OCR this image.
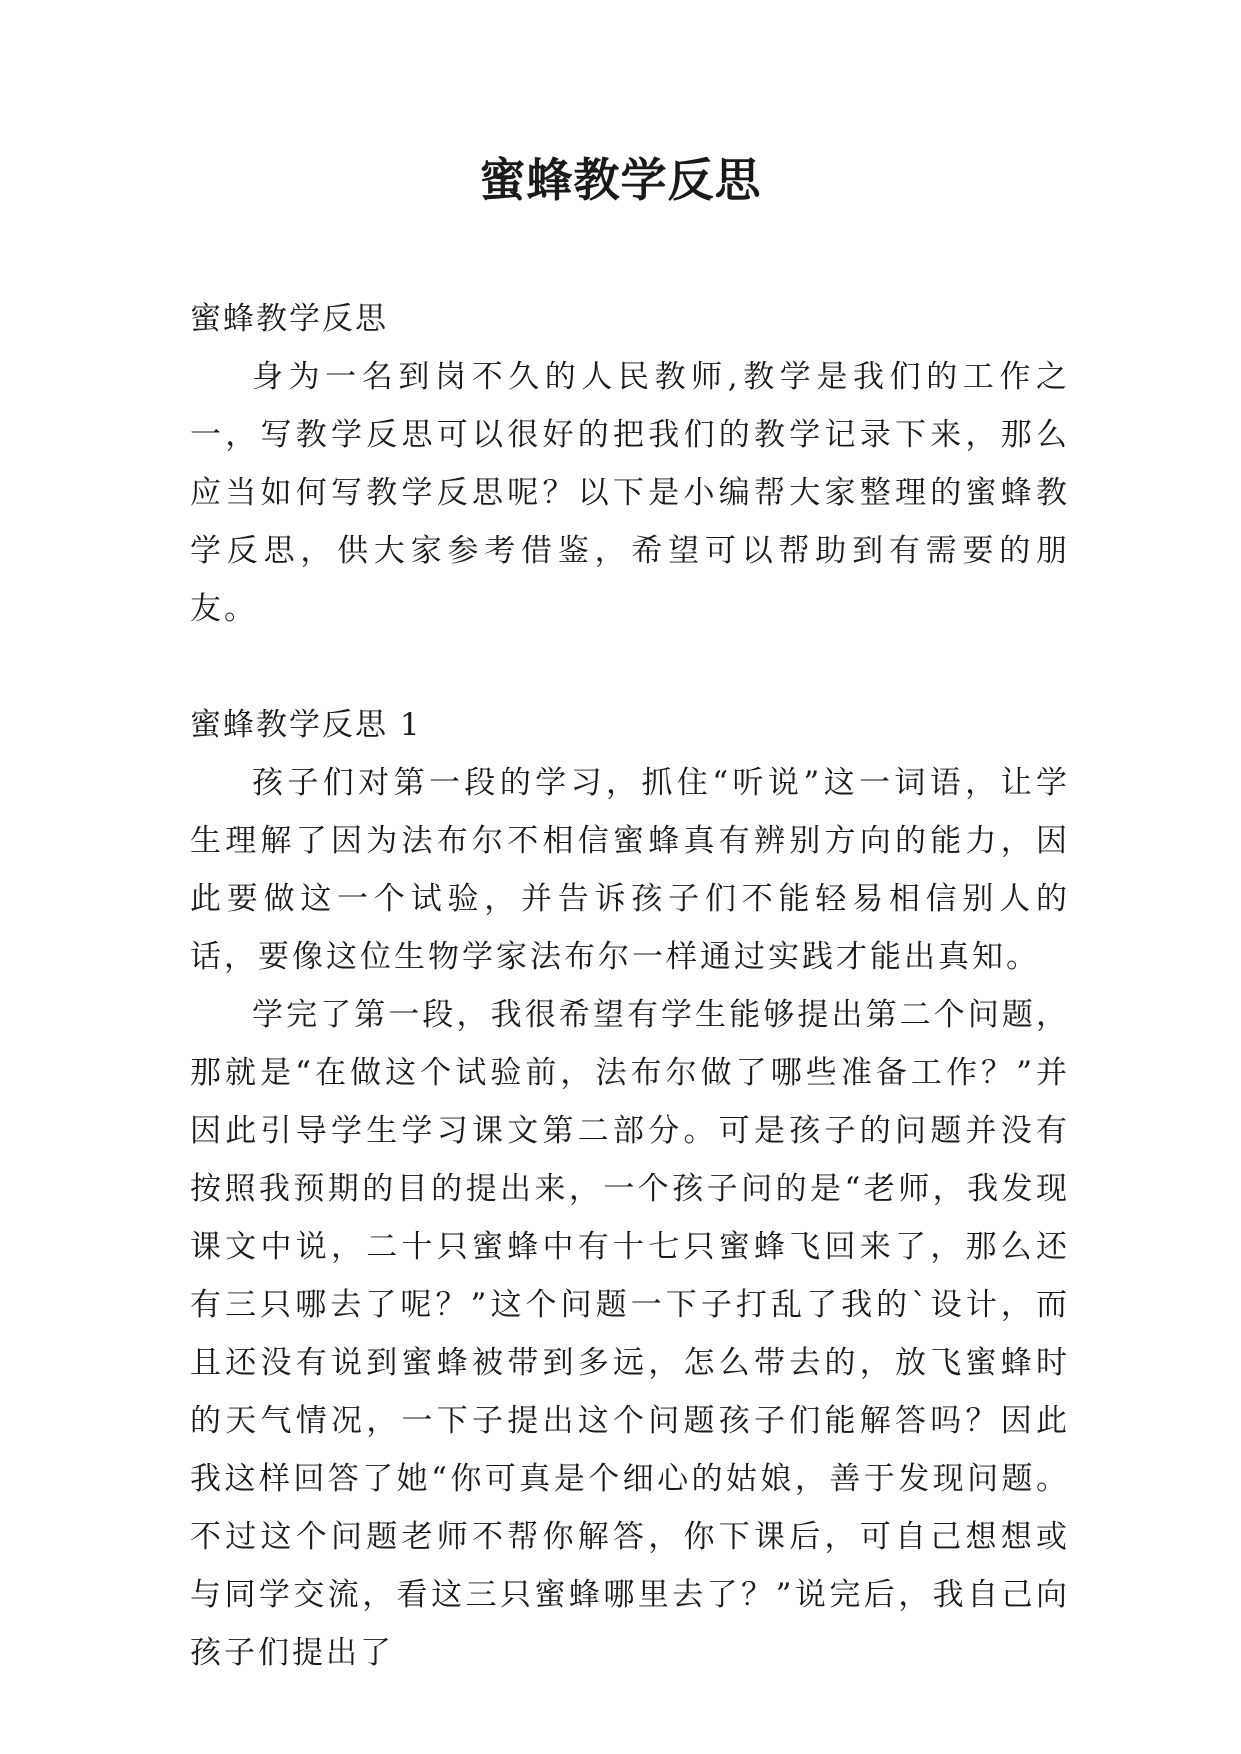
蜜蜂教学反思

蜜蜂教学反思

身为一名到岗不久的人民教师,教学是我们的工作之一，写教学反思可以很好的把我们的教学记录下来，那么应当如何写教学反思呢？以下是小编帮大家整理的蜜蜂教学反思，供大家参考借鉴，希望可以帮助到有需要的朋友。

蜜蜂教学反思 1

孩子们对第一段的学习，抓住“听说”这一词语，让学生理解了因为法布尔不相信蜜蜂真有辨别方向的能力，因此要做这一个试验，并告诉孩子们不能轻易相信别人的话，要像这位生物学家法布尔一样通过实践才能出真知。

学完了第一段，我很希望有学生能够提出第二个问题，那就是“在做这个试验前，法布尔做了哪些准备工作？”并因此引导学生学习课文第二部分。可是孩子的问题并没有按照我预期的目的提出来，一个孩子问的是“老师，我发现课文中说，二十只蜜蜂中有十七只蜜蜂飞回来了，那么还有三只哪去了呢？”这个问题一下子打乱了我的`设计，而且还没有说到蜜蜂被带到多远，怎么带去的，放飞蜜蜂时的天气情况，一下子提出这个问题孩子们能解答吗？因此我这样回答了她“你可真是个细心的姑娘，善于发现问题。不过这个问题老师不帮你解答，你下课后，可自己想想或与同学交流，看这三只蜜蜂哪里去了？”说完后，我自己向孩子们提出了
